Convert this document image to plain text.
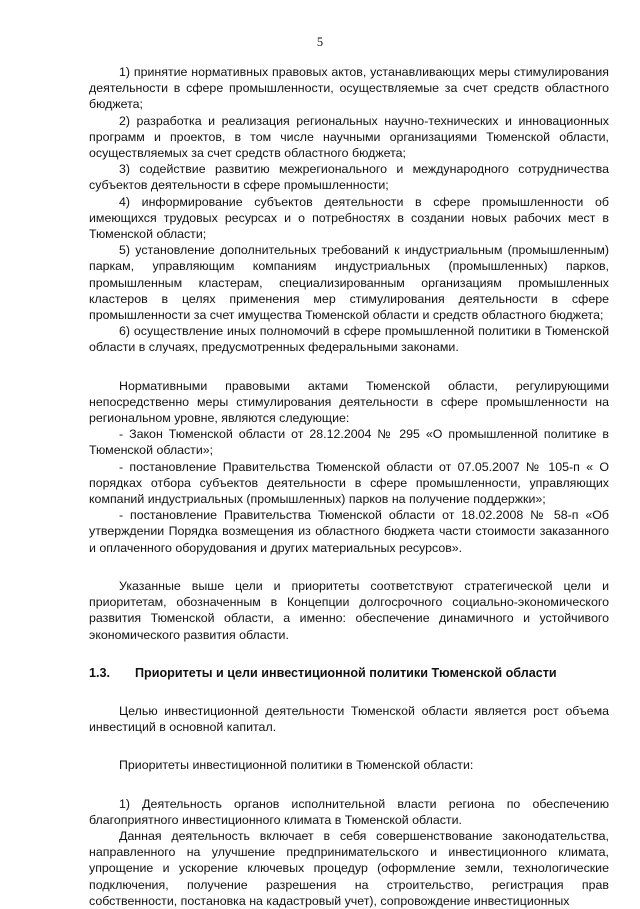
5

1) принятие нормативных правовых актов, устанавливающих меры стимулирования деятельности в сфере промышленности, осуществляемые за счет средств областного бюджета;

2) разработка и реализация региональных научно-технических и инновационных программ и проектов, в том числе научными организациями Тюменской области, осуществляемых за счет средств областного бюджета;

3) содействие развитию межрегионального и международного сотрудничества субъектов деятельности в сфере промышленности;

4) информирование субъектов деятельности в сфере промышленности об имеющихся трудовых ресурсах и о потребностях в создании новых рабочих мест в Тюменской области;

5) установление дополнительных требований к индустриальным (промышленным) паркам, управляющим компаниям индустриальных (промышленных) парков, промышленным кластерам, специализированным организациям промышленных кластеров в целях применения мер стимулирования деятельности в сфере промышленности за счет имущества Тюменской области и средств областного бюджета;

6) осуществление иных полномочий в сфере промышленной политики в Тюменской области в случаях, предусмотренных федеральными законами.

Нормативными правовыми актами Тюменской области, регулирующими непосредственно меры стимулирования деятельности в сфере промышленности на региональном уровне, являются следующие:

- Закон Тюменской области от 28.12.2004 № 295 «О промышленной политике в Тюменской области»;

- постановление Правительства Тюменской области от 07.05.2007 № 105-п « О порядках отбора субъектов деятельности в сфере промышленности, управляющих компаний индустриальных (промышленных) парков на получение поддержки»;

- постановление Правительства Тюменской области от 18.02.2008 № 58-п «Об утверждении Порядка возмещения из областного бюджета части стоимости заказанного и оплаченного оборудования и других материальных ресурсов».

Указанные выше цели и приоритеты соответствуют стратегической цели и приоритетам, обозначенным в Концепции долгосрочного социально-экономического развития Тюменской области, а именно: обеспечение динамичного и устойчивого экономического развития области.

1.3.	Приоритеты и цели инвестиционной политики Тюменской области

Целью инвестиционной деятельности Тюменской области является рост объема инвестиций в основной капитал.

Приоритеты инвестиционной политики в Тюменской области:

1) Деятельность органов исполнительной власти региона по обеспечению благоприятного инвестиционного климата в Тюменской области.

Данная деятельность включает в себя совершенствование законодательства, направленного на улучшение предпринимательского и инвестиционного климата, упрощение и ускорение ключевых процедур (оформление земли, технологические подключения, получение разрешения на строительство, регистрация прав собственности, постановка на кадастровый учет), сопровождение инвестиционных
